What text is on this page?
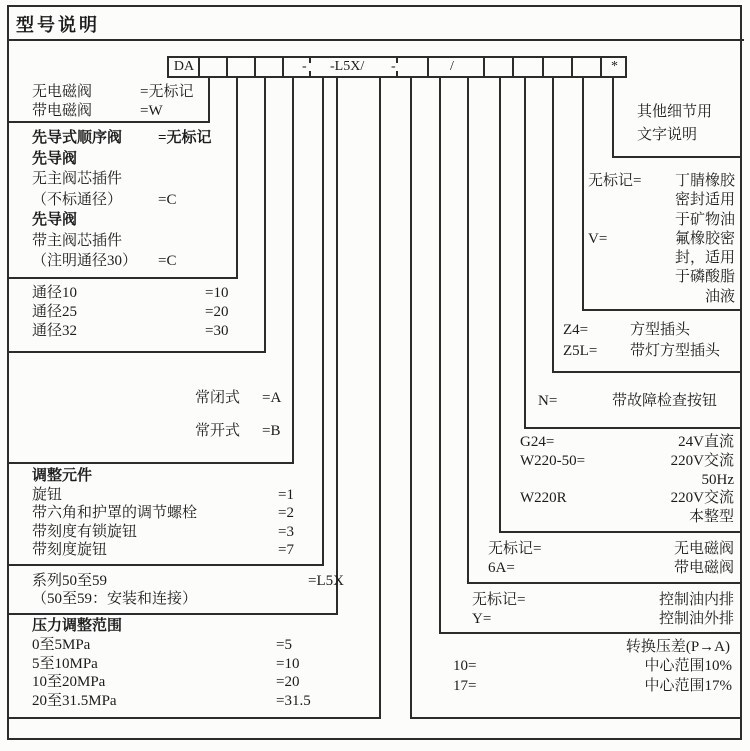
型号说明
DA	- -L5X/ -	/	*
无电磁阀	=无标记
带电磁阀	=W
先导式顺序阀 =无标记
先导阀
无主阀芯插件
（不标通径） =C
先导阀
带主阀芯插件
（注明通径30） =C
通径10	=10
通径25	=20
通径32	=30
常闭式 =A
常开式 =B
调整元件
旋钮	=1
带六角和护罩的调节螺栓	=2
带刻度有锁旋钮	=3
带刻度旋钮	=7
系列50至59	=L5X
（50至59：安装和连接）
压力调整范围
0至5MPa	=5
5至10MPa	=10
10至20MPa	=20
20至31.5MPa	=31.5
其他细节用
文字说明
无标记=	丁腈橡胶
密封适用
于矿物油
V=	氟橡胶密
封，适用
于磷酸脂
油液
Z4=	方型插头
Z5L= 带灯方型插头
N=	带故障检查按钮
G24=	24V直流
W220-50=	220V交流
50Hz
W220R	220V交流
本整型
无标记=	无电磁阀
6A=	带电磁阀
无标记=	控制油内排
Y=	控制油外排
转换压差(P→A)
10=	中心范围10%
17=	中心范围17%
